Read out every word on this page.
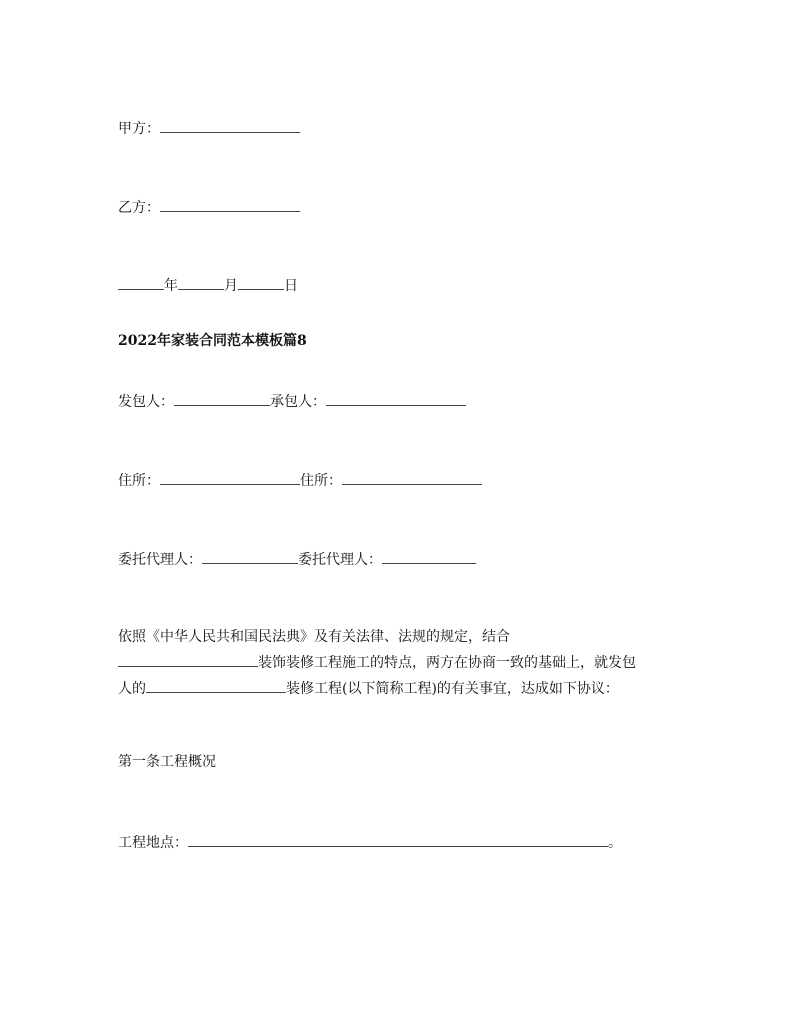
甲方：
乙方：
年	月	日
2022年家装合同范本模板篇8
发包人：	承包人：
住所：	住所：
委托代理人：	委托代理人：
依照《中华人民共和国民法典》及有关法律、法规的规定，结合
装饰装修工程施工的特点，两方在协商一致的基础上，就发包
人的	装修工程(以下简称工程)的有关事宜，达成如下协议：
第一条工程概况
工程地点：	。
